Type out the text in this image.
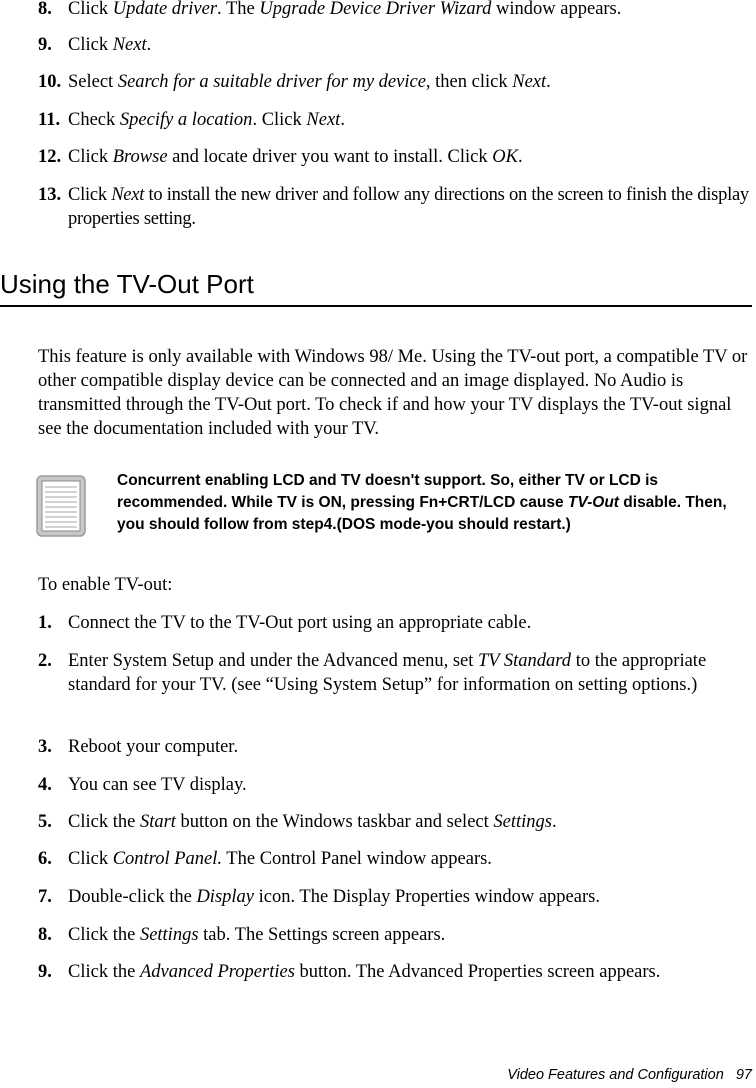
8. Click Update driver. The Upgrade Device Driver Wizard window appears.
9. Click Next.
10. Select Search for a suitable driver for my device, then click Next.
11. Check Specify a location. Click Next.
12. Click Browse and locate driver you want to install. Click OK.
13. Click Next to install the new driver and follow any directions on the screen to finish the display properties setting.
Using the TV-Out Port
This feature is only available with Windows 98/ Me. Using the TV-out port, a compatible TV or other compatible display device can be connected and an image displayed. No Audio is transmitted through the TV-Out port. To check if and how your TV displays the TV-out signal see the documentation included with your TV.
Concurrent enabling LCD and TV doesn't support. So, either TV or LCD is recommended. While TV is ON, pressing Fn+CRT/LCD cause TV-Out disable. Then, you should follow from step4.(DOS mode-you should restart.)
To enable TV-out:
1. Connect the TV to the TV-Out port using an appropriate cable.
2. Enter System Setup and under the Advanced menu, set TV Standard to the appropriate standard for your TV. (see “Using System Setup” for information on setting options.)
3. Reboot your computer.
4. You can see TV display.
5. Click the Start button on the Windows taskbar and select Settings.
6. Click Control Panel. The Control Panel window appears.
7. Double-click the Display icon. The Display Properties window appears.
8. Click the Settings tab. The Settings screen appears.
9. Click the Advanced Properties button. The Advanced Properties screen appears.
Video Features and Configuration 97
